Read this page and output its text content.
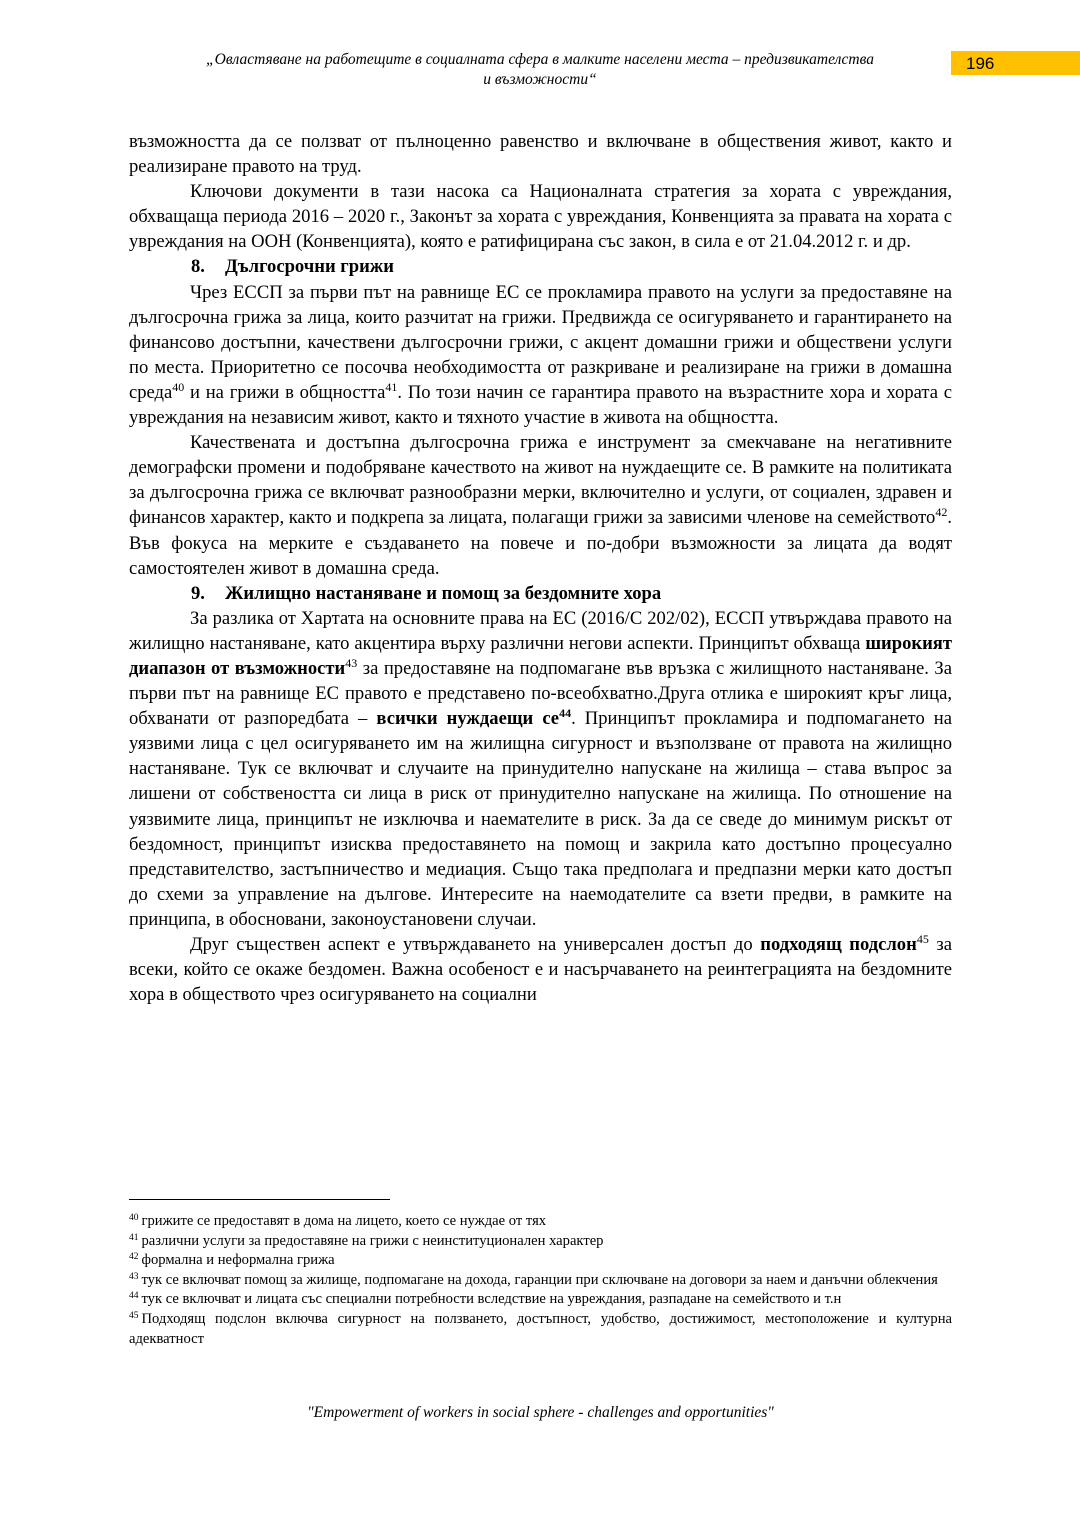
„Овластяване на работещите в социалната сфера в малките населени места – предизвикателства
и възможности“
196

възможността да се ползват от пълноценно равенство и включване в обществения живот, както и реализиране правото на труд.

Ключови документи в тази насока са Националната стратегия за хората с увреждания, обхващаща периода 2016 – 2020 г., Законът за хората с увреждания, Конвенцията за правата на хората с увреждания на ООН (Конвенцията), която е ратифицирана със закон, в сила е от 21.04.2012 г. и др.

8. Дългосрочни грижи

Чрез ЕССП за първи път на равнище ЕС се прокламира правото на услуги за предоставяне на дългосрочна грижа за лица, които разчитат на грижи. Предвижда се осигуряването и гарантирането на финансово достъпни, качествени дългосрочни грижи, с акцент домашни грижи и обществени услуги по места. Приоритетно се посочва необходимостта от разкриване и реализиране на грижи в домашна среда$^{40}$ и на грижи в общността$^{41}$. По този начин се гарантира правото на възрастните хора и хората с увреждания на независим живот, както и тяхното участие в живота на общността.

Качествената и достъпна дългосрочна грижа е инструмент за смекчаване на негативните демографски промени и подобряване качеството на живот на нуждаещите се. В рамките на политиката за дългосрочна грижа се включват разнообразни мерки, включително и услуги, от социален, здравен и финансов характер, както и подкрепа за лицата, полагащи грижи за зависими членове на семейството$^{42}$. Във фокуса на мерките е създаването на повече и по-добри възможности за лицата да водят самостоятелен живот в домашна среда.

9. Жилищно настаняване и помощ за бездомните хора

За разлика от Хартата на основните права на ЕС (2016/С 202/02), ЕССП утвърждава правото на жилищно настаняване, като акцентира върху различни негови аспекти. Принципът обхваща широкият диапазон от възможности$^{43}$ за предоставяне на подпомагане във връзка с жилищното настаняване. За първи път на равнище ЕС правото е представено по-всеобхватно.Друга отлика е широкият кръг лица, обхванати от разпоредбата – всички нуждаещи $се^{44}$. Принципът прокламира и подпомагането на уязвими лица с цел осигуряването им на жилищна сигурност и възползване от правота на жилищно настаняване. Тук се включват и случаите на принудително напускане на жилища – става въпрос за лишени от собствеността си лица в риск от принудително напускане на жилища. По отношение на уязвимите лица, принципът не изключва и наемателите в риск. За да се сведе до минимум рискът от бездомност, принципът изисква предоставянето на помощ и закрила като достъпно процесуално представителство, застъпничество и медиация. Също така предполага и предпазни мерки като достъп до схеми за управление на дългове. Интересите на наемодателите са взети предви, в рамките на принципа, в обосновани, законоустановени случаи.

Друг съществен аспект е утвърждаването на универсален достъп до подходящ подслон$^{45}$ за всеки, който се окаже бездомен. Важна особеност е и насърчаването на реинтеграцията на бездомните хора в обществото чрез осигуряването на социални

$^{40}$ грижите се предоставят в дома на лицето, което се нуждае от тях

$^{41}$ различни услуги за предоставяне на грижи с неинституционален характер

$^{42}$ формална и неформална грижа

$^{43}$ тук се включват помощ за жилище, подпомагане на дохода, гаранции при сключване на договори за наем и данъчни облекчения

$^{44}$ тук се включват и лицата със специални потребности вследствие на увреждания, разпадане на семейството и т.н

$^{45}$ Подходящ подслон включва сигурност на ползването, достъпност, удобство, достижимост, местоположение и културна адекватност

"Empowerment of workers in social sphere - challenges and opportunities"
